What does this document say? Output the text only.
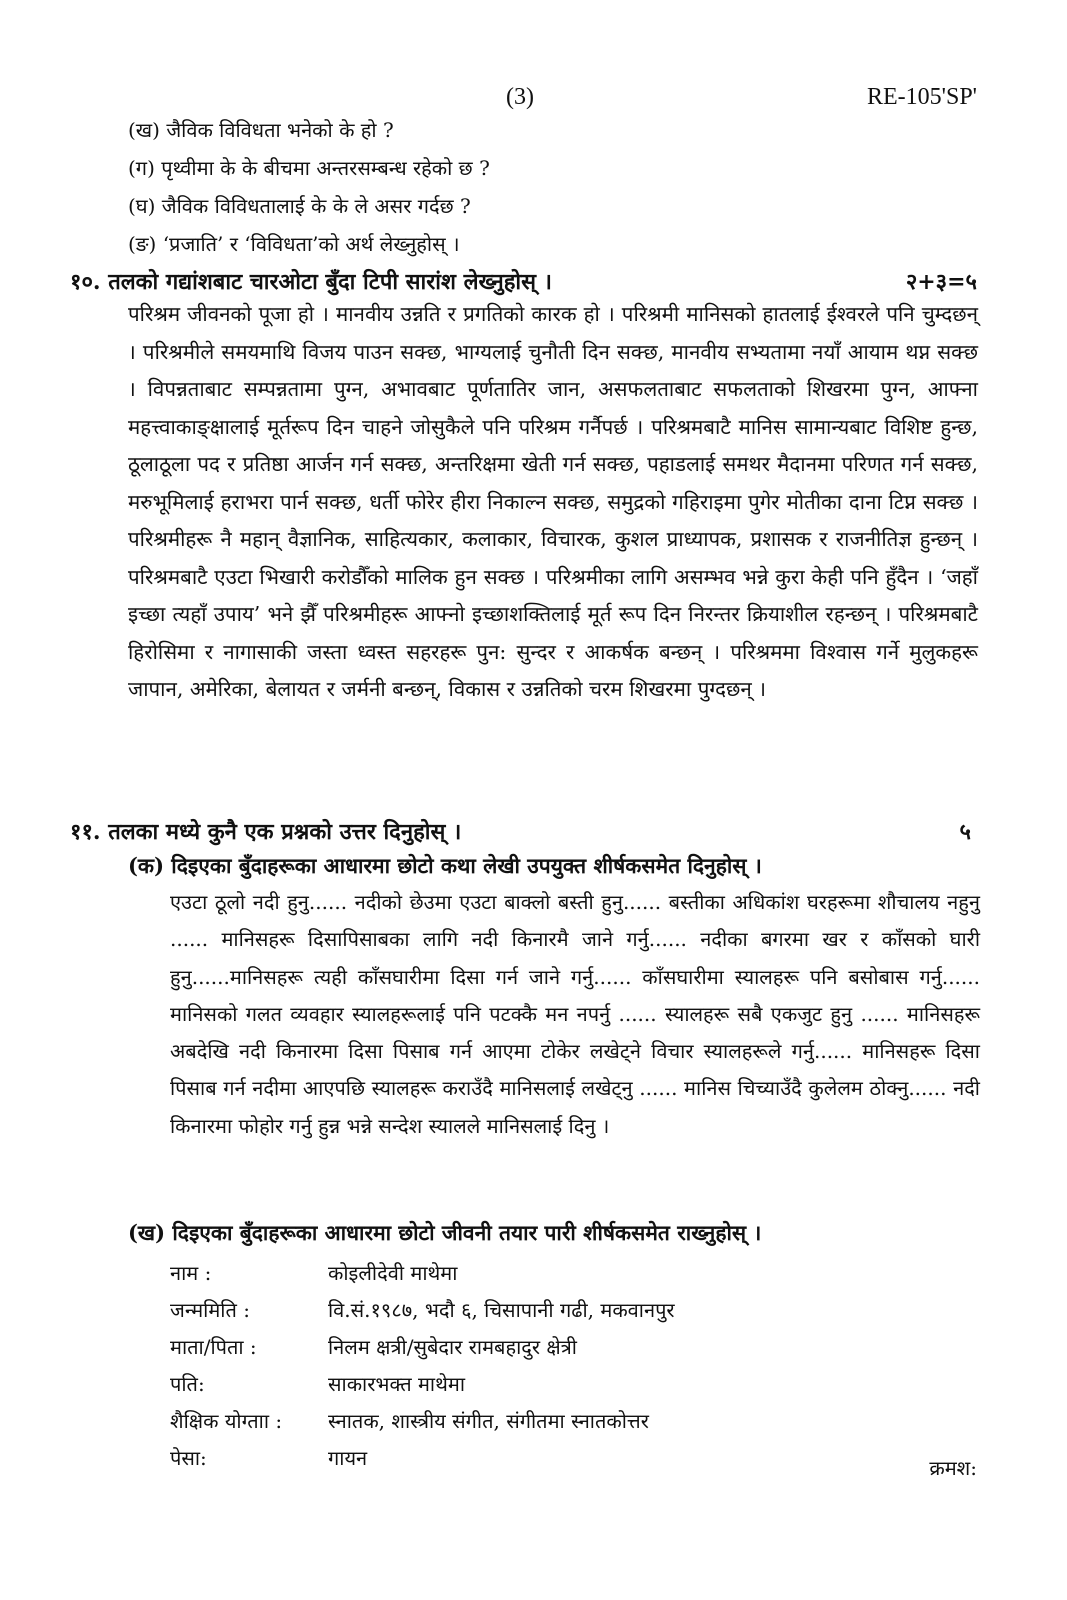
(3)	RE-105'SP'
(ख) जैविक विविधता भनेको के हो ?
(ग) पृथ्वीमा के के बीचमा अन्तरसम्बन्ध रहेको छ ?
(घ) जैविक विविधतालाई के के ले असर गर्दछ ?
(ङ) ‘प्रजाति’ र ‘विविधता’को अर्थ लेख्नुहोस् ।
१०. तलको गद्यांशबाट चारओटा बुँदा टिपी सारांश लेख्नुहोस् ।	२+३=५
परिश्रम जीवनको पूजा हो । मानवीय उन्नति र प्रगतिको कारक हो । परिश्रमी मानिसको हातलाई ईश्वरले पनि चुम्दछन् । परिश्रमीले समयमाथि विजय पाउन सक्छ, भाग्यलाई चुनौती दिन सक्छ, मानवीय सभ्यतामा नयाँ आयाम थप्न सक्छ । विपन्नताबाट सम्पन्नतामा पुग्न, अभावबाट पूर्णतातिर जान, असफलताबाट सफलताको शिखरमा पुग्न, आफ्ना महत्त्वाकाङ्क्षालाई मूर्तरूप दिन चाहने जोसुकैले पनि परिश्रम गर्नैपर्छ । परिश्रमबाटै मानिस सामान्यबाट विशिष्ट हुन्छ, ठूलाठूला पद र प्रतिष्ठा आर्जन गर्न सक्छ, अन्तरिक्षमा खेती गर्न सक्छ, पहाडलाई समथर मैदानमा परिणत गर्न सक्छ, मरुभूमिलाई हराभरा पार्न सक्छ, धर्ती फोरेर हीरा निकाल्न सक्छ, समुद्रको गहिराइमा पुगेर मोतीका दाना टिप्न सक्छ । परिश्रमीहरू नै महान् वैज्ञानिक, साहित्यकार, कलाकार, विचारक, कुशल प्राध्यापक, प्रशासक र राजनीतिज्ञ हुन्छन् । परिश्रमबाटै एउटा भिखारी करोडौँको मालिक हुन सक्छ । परिश्रमीका लागि असम्भव भन्ने कुरा केही पनि हुँदैन । ‘जहाँ इच्छा त्यहाँ उपाय’ भने झैँ परिश्रमीहरू आफ्नो इच्छाशक्तिलाई मूर्त रूप दिन निरन्तर क्रियाशील रहन्छन् । परिश्रमबाटै हिरोसिमा र नागासाकी जस्ता ध्वस्त सहरहरू पुन: सुन्दर र आकर्षक बन्छन् । परिश्रममा विश्वास गर्ने मुलुकहरू जापान, अमेरिका, बेलायत र जर्मनी बन्छन्, विकास र उन्नतिको चरम शिखरमा पुग्दछन् ।
११. तलका मध्ये कुनै एक प्रश्नको उत्तर दिनुहोस् ।	५
(क) दिइएका बुँदाहरूका आधारमा छोटो कथा लेखी उपयुक्त शीर्षकसमेत दिनुहोस् ।
एउटा ठूलो नदी हुनु...... नदीको छेउमा एउटा बाक्लो बस्ती हुनु...... बस्तीका अधिकांश घरहरूमा शौचालय नहुनु ...... मानिसहरू दिसापिसाबका लागि नदी किनारमै जाने गर्नु...... नदीका बगरमा खर र काँसको घारी हुनु......मानिसहरू त्यही काँसघारीमा दिसा गर्न जाने गर्नु...... काँसघारीमा स्यालहरू पनि बसोबास गर्नु...... मानिसको गलत व्यवहार स्यालहरूलाई पनि पटक्कै मन नपर्नु ...... स्यालहरू सबै एकजुट हुनु ...... मानिसहरू अबदेखि नदी किनारमा दिसा पिसाब गर्न आएमा टोकेर लखेट्ने विचार स्यालहरूले गर्नु...... मानिसहरू दिसा पिसाब गर्न नदीमा आएपछि स्यालहरू कराउँदै मानिसलाई लखेट्नु ...... मानिस चिच्याउँदै कुलेलम ठोक्नु...... नदी किनारमा फोहोर गर्नु हुन्न भन्ने सन्देश स्यालले मानिसलाई दिनु ।
(ख) दिइएका बुँदाहरूका आधारमा छोटो जीवनी तयार पारी शीर्षकसमेत राख्नुहोस् ।
नाम :	कोइलीदेवी माथेमा
जन्ममिति :	वि.सं.१९८७, भदौ ६, चिसापानी गढी, मकवानपुर
माता/पिता :	निलम क्षत्री/सुबेदार रामबहादुर क्षेत्री
पति:	साकारभक्त माथेमा
शैक्षिक योग्ताा : स्नातक, शास्त्रीय संगीत, संगीतमा स्नातकोत्तर
पेसा:	गायन	क्रमश:
